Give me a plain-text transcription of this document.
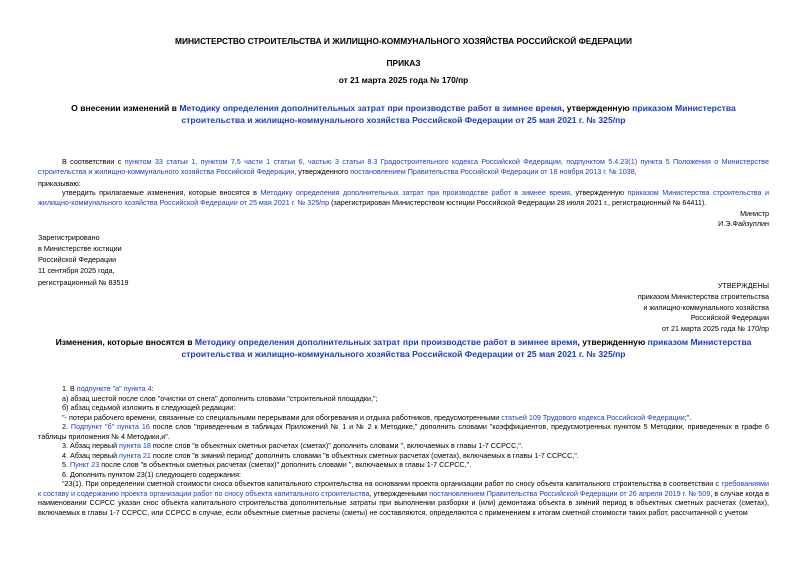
МИНИСТЕРСТВО СТРОИТЕЛЬСТВА И ЖИЛИЩНО-КОММУНАЛЬНОГО ХОЗЯЙСТВА РОССИЙСКОЙ ФЕДЕРАЦИИ
ПРИКАЗ
от 21 марта 2025 года № 170/пр
О внесении изменений в Методику определения дополнительных затрат при производстве работ в зимнее время, утвержденную приказом Министерства строительства и жилищно-коммунального хозяйства Российской Федерации от 25 мая 2021 г. № 325/пр
В соответствии с пунктом 33 статьи 1, пунктом 7.5 части 1 статьи 6, частью 3 статьи 8.3 Градостроительного кодекса Российской Федерации, подпунктом 5.4.23(1) пункта 5 Положения о Министерстве строительства и жилищно-коммунального хозяйства Российской Федерации, утвержденного постановлением Правительства Российской Федерации от 18 ноября 2013 г. № 1038,
приказываю:
утвердить прилагаемые изменения, которые вносятся в Методику определения дополнительных затрат при производстве работ в зимнее время, утвержденную приказом Министерства строительства и жилищно-коммунального хозяйства Российской Федерации от 25 мая 2021 г. № 325/пр (зарегистрирован Министерством юстиции Российской Федерации 28 июля 2021 г., регистрационный № 64411).
Министр
И.Э.Файзуллин
Зарегистрировано
в Министерстве юстиции
Российской Федерации
11 сентября 2025 года,
регистрационный № 83519	УТВЕРЖДЕНЫ
приказом Министерства строительства
и жилищно-коммунального хозяйства
Российской Федерации
от 21 марта 2025 года № 170/пр
Изменения, которые вносятся в Методику определения дополнительных затрат при производстве работ в зимнее время, утвержденную приказом Министерства строительства и жилищно-коммунального хозяйства Российской Федерации от 25 мая 2021 г. № 325/пр

1. В подпункте "а" пункта 4:

а) абзац шестой после слов "очистки от снега" дополнить словами "строительной площадки,";

б) абзац седьмой изложить в следующей редакции:

"- потери рабочего времени, связанные со специальными перерывами для обогревания и отдыха работников, предусмотренными статьей 109 Трудового кодекса Российской Федерации;".

2. Подпункт "б" пункта 16 после слов "приведенным в таблицах Приложений № 1 и № 2 к Методике," дополнить словами "коэффициентов, предусмотренных пунктом 5 Методики, приведенных в графе 6 таблицы приложения № 4 Методики,и".

3. Абзац первый пункта 18 после слов "в объектных сметных расчетах (сметах)" дополнить словами ", включаемых в главы 1-7 ССРСС,".

4. Абзац первый пункта 21 после слов "в зимний период" дополнить словами "в объектных сметных расчетах (сметах), включаемых в главы 1-7 ССРСС,".

5. Пункт 23 после слов "в объектных сметных расчетах (сметах)" дополнить словами ", включаемых в главы 1-7 ССРСС,".

6. Дополнить пунктом 23(1) следующего содержания:

"23(1). При определении сметной стоимости сноса объектов капитального строительства на основании проекта организации работ по сносу объекта капитального строительства в соответствии с требованиями к составу и содержанию проекта организации работ по сносу объекта капитального строительства, утвержденными постановлением Правительства Российской Федерации от 26 апреля 2019 г. № 509, в случае когда в наименовании ССРСС указан снос объекта капитального строительства дополнительные затраты при выполнении разборки и (или) демонтажа объекта в зимний период в объектных сметных расчетах (сметах), включаемых в главы 1-7 ССРСС, или ССРСС в случае, если объектные сметные расчеты (сметы) не составляются, определяются с применением к итогам сметной стоимости таких работ, рассчитанной с учетом
